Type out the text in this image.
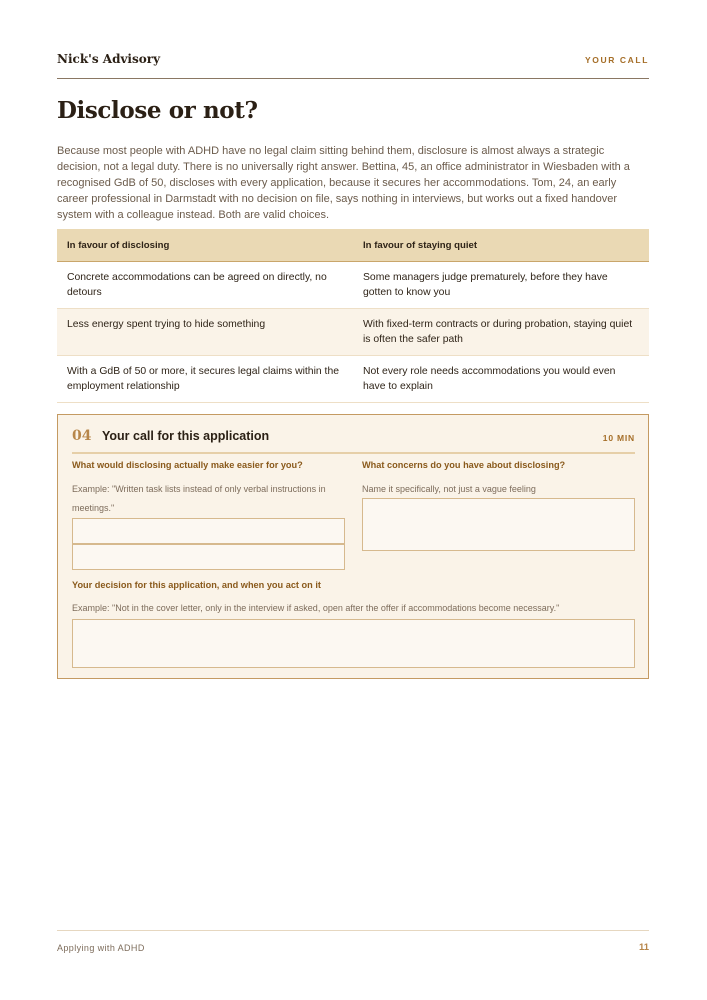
Nick's Advisory	YOUR CALL
Disclose or not?

Because most people with ADHD have no legal claim sitting behind them, disclosure is almost always a strategic decision, not a legal duty. There is no universally right answer. Bettina, 45, an office administrator in Wiesbaden with a recognised GdB of 50, discloses with every application, because it secures her accommodations. Tom, 24, an early career professional in Darmstadt with no decision on file, says nothing in interviews, but works out a fixed handover system with a colleague instead. Both are valid choices.

In favour of disclosing	In favour of staying quiet
Concrete accommodations can be agreed on directly, no detours	Some managers judge prematurely, before they have gotten to know you
Less energy spent trying to hide something	With fixed-term contracts or during probation, staying quiet is often the safer path
With a GdB of 50 or more, it secures legal claims within the employment relationship	Not every role needs accommodations you would even have to explain
04 Your call for this application	10 MIN
What would disclosing actually make easier for you?

Example: "Written task lists instead of only verbal instructions in meetings."

What concerns do you have about disclosing?

Name it specifically, not just a vague feeling

Your decision for this application, and when you act on it

Example: "Not in the cover letter, only in the interview if asked, open after the offer if accommodations become necessary."

Applying with ADHD	11
